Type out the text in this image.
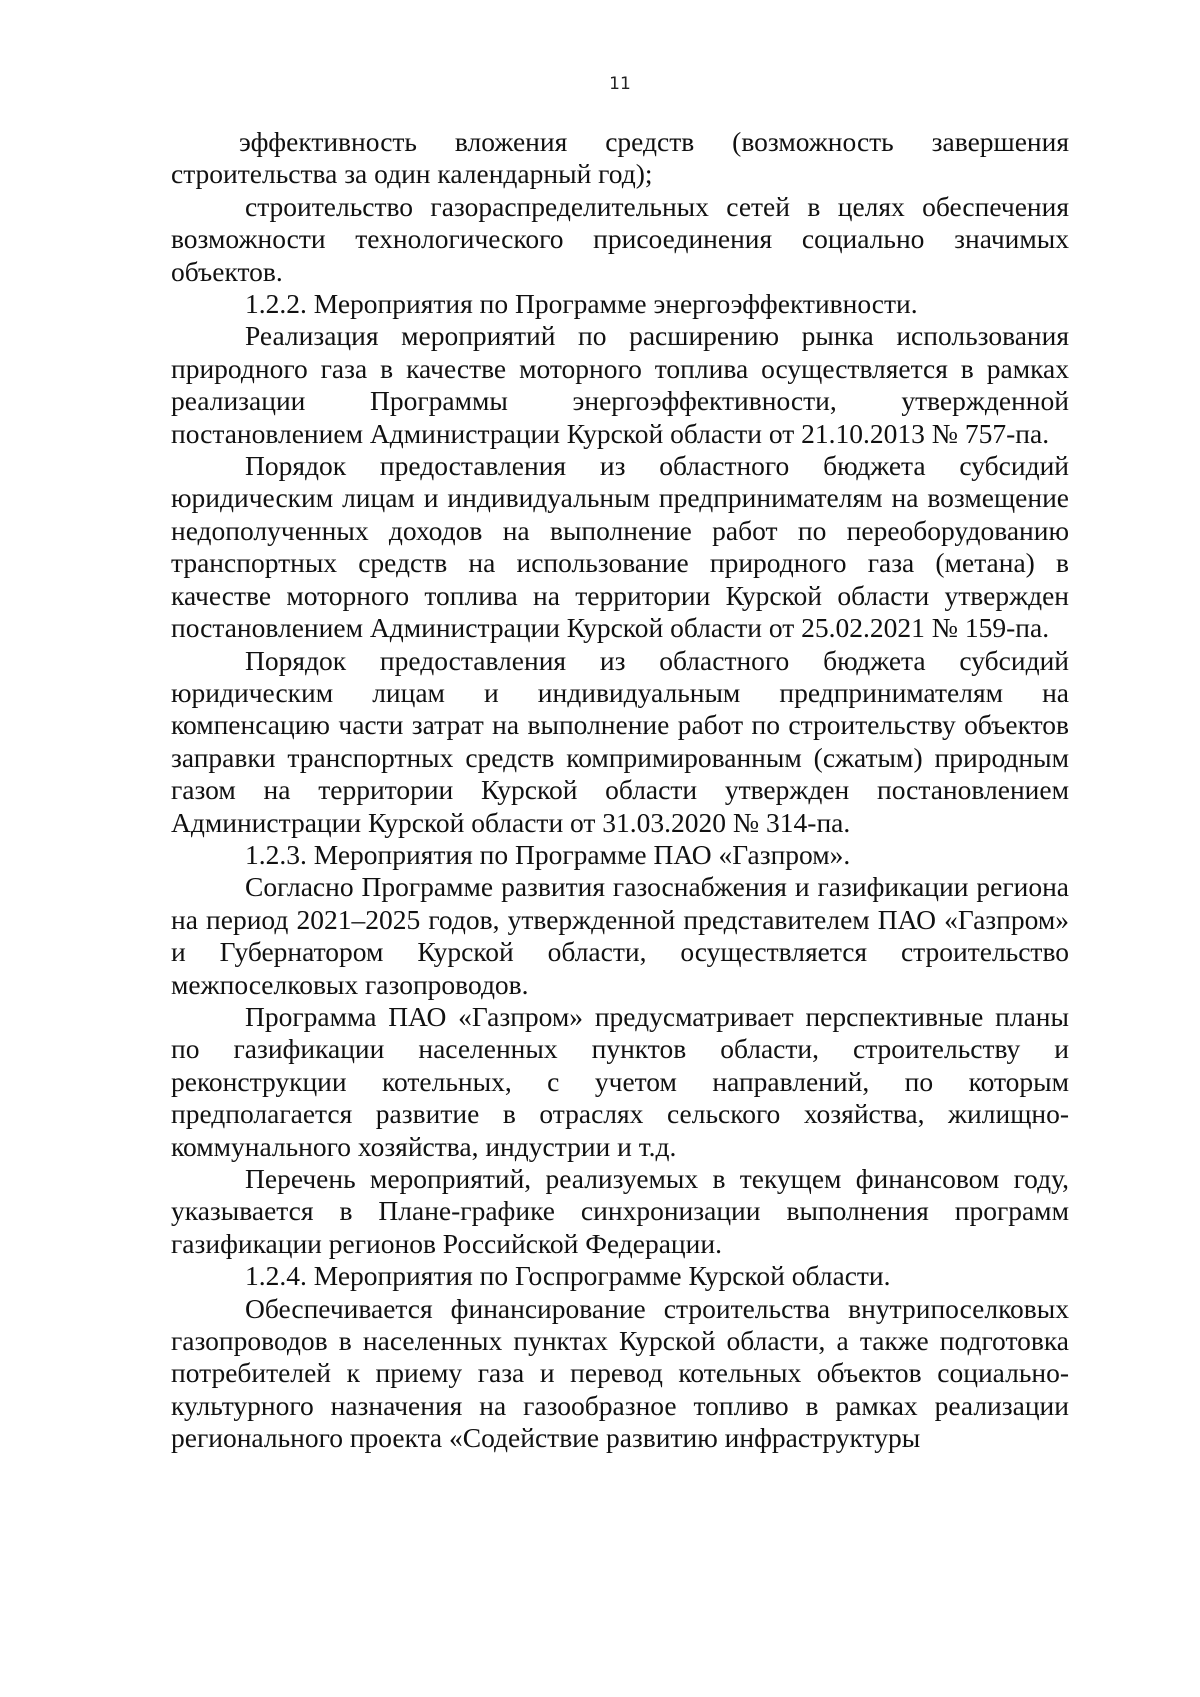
11

эффективность вложения средств (возможность завершения строительства за один календарный год);

строительство газораспределительных сетей в целях обеспечения возможности технологического присоединения социально значимых объектов.

1.2.2. Мероприятия по Программе энергоэффективности.

Реализация мероприятий по расширению рынка использования природного газа в качестве моторного топлива осуществляется в рамках реализации Программы энергоэффективности, утвержденной постановлением Администрации Курской области от 21.10.2013 № 757-па.

Порядок предоставления из областного бюджета субсидий юридическим лицам и индивидуальным предпринимателям на возмещение недополученных доходов на выполнение работ по переоборудованию транспортных средств на использование природного газа (метана) в качестве моторного топлива на территории Курской области утвержден постановлением Администрации Курской области от 25.02.2021 № 159-па.

Порядок предоставления из областного бюджета субсидий юридическим лицам и индивидуальным предпринимателям на компенсацию части затрат на выполнение работ по строительству объектов заправки транспортных средств компримированным (сжатым) природным газом на территории Курской области утвержден постановлением Администрации Курской области от 31.03.2020 № 314-па.

1.2.3. Мероприятия по Программе ПАО «Газпром».

Согласно Программе развития газоснабжения и газификации региона на период 2021–2025 годов, утвержденной представителем ПАО «Газпром» и Губернатором Курской области, осуществляется строительство межпоселковых газопроводов.

Программа ПАО «Газпром» предусматривает перспективные планы по газификации населенных пунктов области, строительству и реконструкции котельных, с учетом направлений, по которым предполагается развитие в отраслях сельского хозяйства, жилищно-коммунального хозяйства, индустрии и т.д.

Перечень мероприятий, реализуемых в текущем финансовом году, указывается в Плане-графике синхронизации выполнения программ газификации регионов Российской Федерации.

1.2.4. Мероприятия по Госпрограмме Курской области.

Обеспечивается финансирование строительства внутрипоселковых газопроводов в населенных пунктах Курской области, а также подготовка потребителей к приему газа и перевод котельных объектов социально-культурного назначения на газообразное топливо в рамках реализации регионального проекта «Содействие развитию инфраструктуры
